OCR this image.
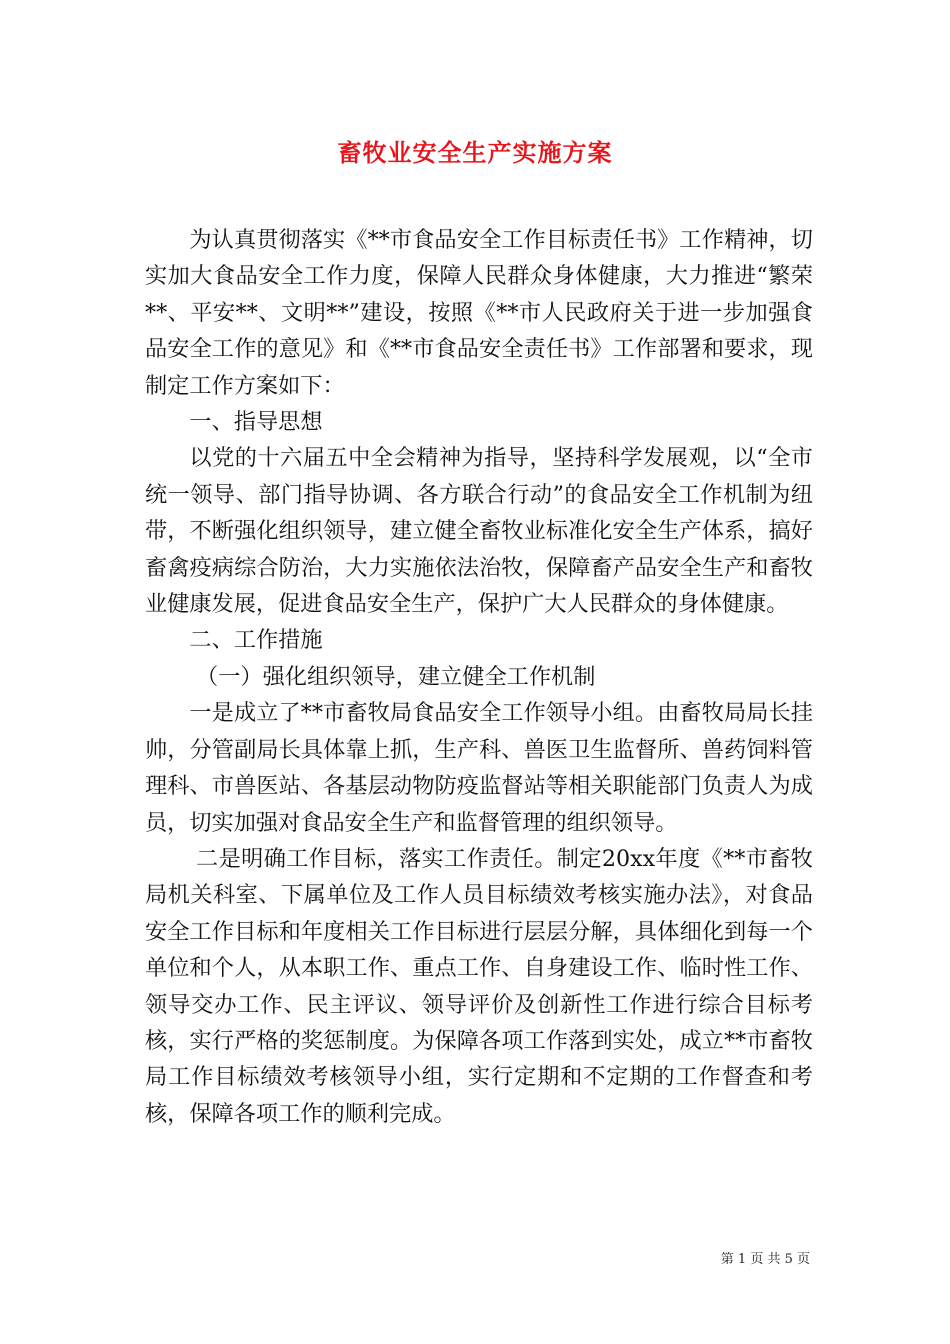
畜牧业安全生产实施方案

为认真贯彻落实《**市食品安全工作目标责任书》工作精神，切实加大食品安全工作力度，保障人民群众身体健康，大力推进“繁荣**、平安**、文明**”建设，按照《**市人民政府关于进一步加强食品安全工作的意见》和《**市食品安全责任书》工作部署和要求，现制定工作方案如下：

一、指导思想

以党的十六届五中全会精神为指导，坚持科学发展观，以“全市统一领导、部门指导协调、各方联合行动”的食品安全工作机制为纽带，不断强化组织领导，建立健全畜牧业标准化安全生产体系，搞好畜禽疫病综合防治，大力实施依法治牧，保障畜产品安全生产和畜牧业健康发展，促进食品安全生产，保护广大人民群众的身体健康。

二、工作措施

（一）强化组织领导，建立健全工作机制

一是成立了**市畜牧局食品安全工作领导小组。由畜牧局局长挂帅，分管副局长具体靠上抓，生产科、兽医卫生监督所、兽药饲料管理科、市兽医站、各基层动物防疫监督站等相关职能部门负责人为成员，切实加强对食品安全生产和监督管理的组织领导。

二是明确工作目标，落实工作责任。制定20xx年度《**市畜牧局机关科室、下属单位及工作人员目标绩效考核实施办法》，对食品安全工作目标和年度相关工作目标进行层层分解，具体细化到每一个单位和个人，从本职工作、重点工作、自身建设工作、临时性工作、领导交办工作、民主评议、领导评价及创新性工作进行综合目标考核，实行严格的奖惩制度。为保障各项工作落到实处，成立**市畜牧局工作目标绩效考核领导小组，实行定期和不定期的工作督查和考核，保障各项工作的顺利完成。

第 1 页 共 5 页
